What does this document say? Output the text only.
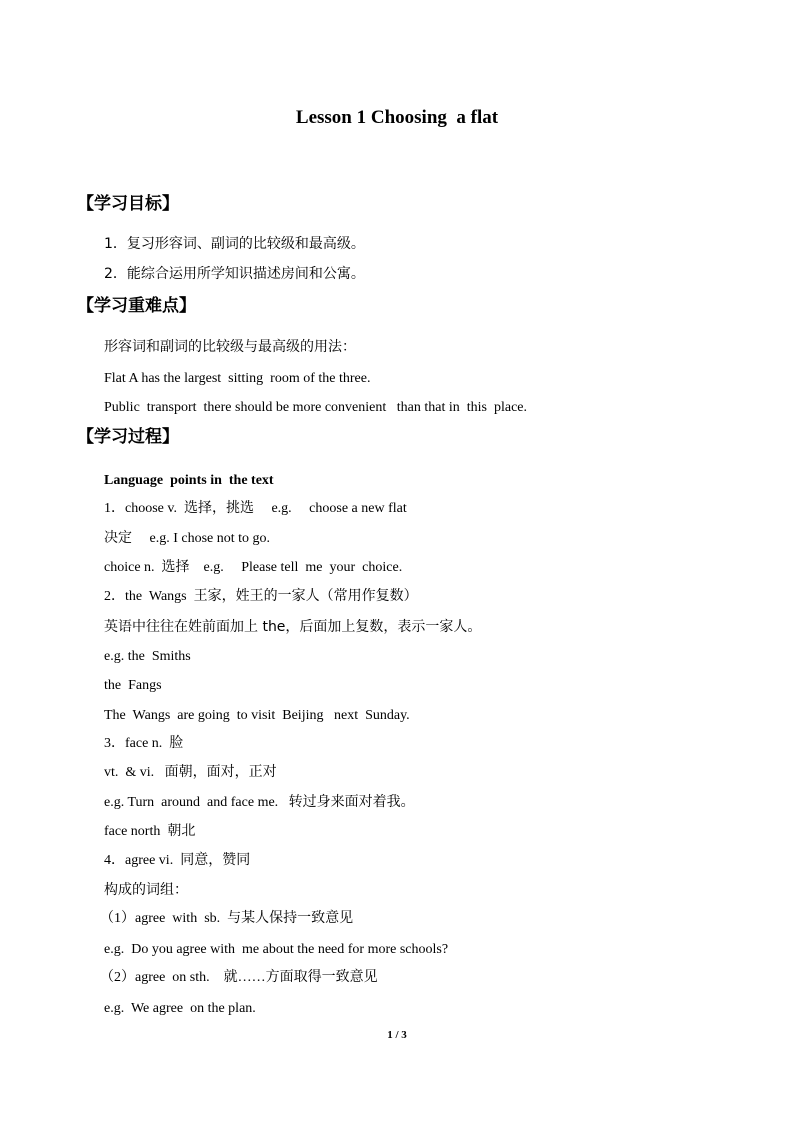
Lesson 1 Choosing  a flat
【学习目标】
1．复习形容词、副词的比较级和最高级。
2．能综合运用所学知识描述房间和公寓。
【学习重难点】
形容词和副词的比较级与最高级的用法：
Flat A has the largest  sitting  room of the three.
Public  transport  there should be more convenient   than that in  this  place.
【学习过程】
Language  points in  the text
1．choose v.  选择，挑选     e.g.     choose a new flat
决定     e.g. I chose not to go.
choice n.  选择    e.g.     Please tell  me  your  choice.
2．the  Wangs  王家，姓王的一家人（常用作复数）
英语中往往在姓前面加上 the，后面加上复数，表示一家人。
e.g. the  Smiths
the  Fangs
The  Wangs  are going  to visit  Beijing   next  Sunday.
3．face n.  脸
vt.  & vi.   面朝，面对，正对
e.g. Turn  around  and face me.   转过身来面对着我。
face north  朝北
4．agree vi.  同意，赞同
构成的词组：
（1）agree  with  sb.  与某人保持一致意见
e.g.  Do you agree with  me about the need for more schools?
（2）agree  on sth.    就……方面取得一致意见
e.g.  We agree  on the plan.
1 / 3
